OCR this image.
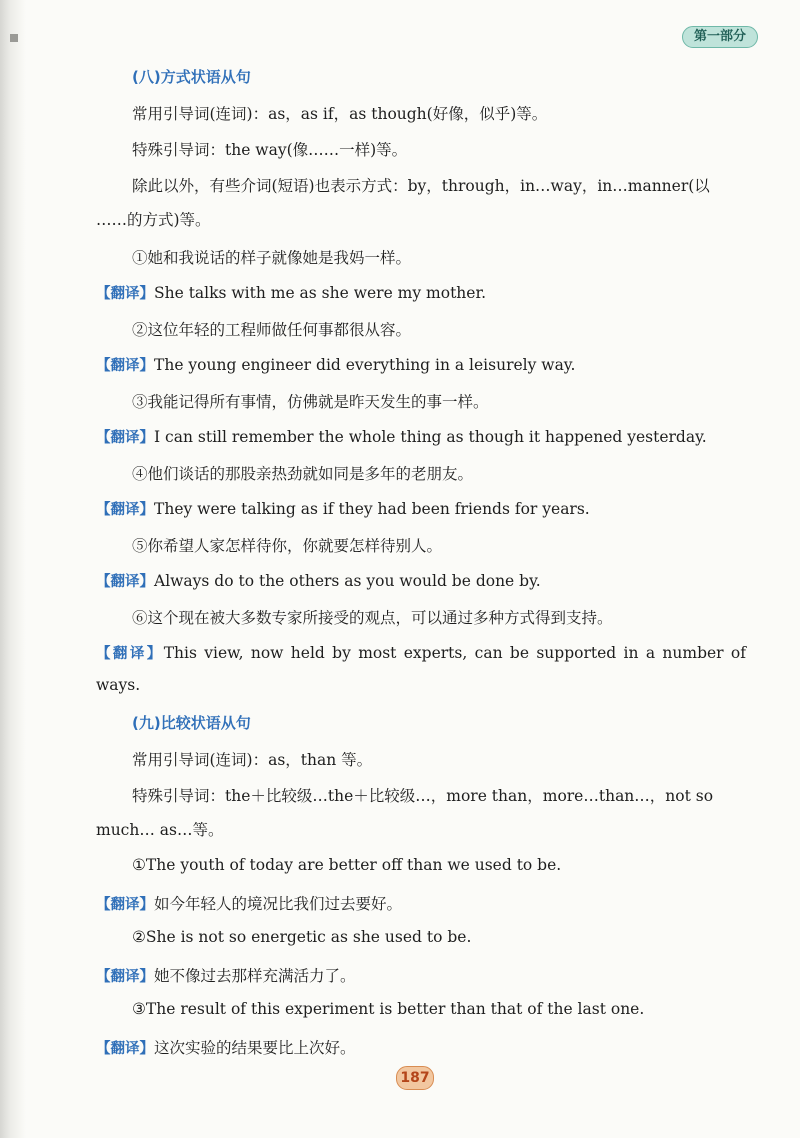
第一部分
(八)方式状语从句
常用引导词(连词)：as，as if，as though(好像，似乎)等。
特殊引导词：the way(像……一样)等。
除此以外，有些介词(短语)也表示方式：by，through，in…way，in…manner(以
……的方式)等。
①她和我说话的样子就像她是我妈一样。
【翻译】She talks with me as she were my mother.
②这位年轻的工程师做任何事都很从容。
【翻译】The young engineer did everything in a leisurely way.
③我能记得所有事情，仿佛就是昨天发生的事一样。
【翻译】I can still remember the whole thing as though it happened yesterday.
④他们谈话的那股亲热劲就如同是多年的老朋友。
【翻译】They were talking as if they had been friends for years.
⑤你希望人家怎样待你，你就要怎样待别人。
【翻译】Always do to the others as you would be done by.
⑥这个现在被大多数专家所接受的观点，可以通过多种方式得到支持。
【翻译】This view, now held by most experts, can be supported in a number of
ways.
(九)比较状语从句
常用引导词(连词)：as，than 等。
特殊引导词：the＋比较级…the＋比较级…，more than，more…than…，not so
much… as…等。
①The youth of today are better off than we used to be.
【翻译】如今年轻人的境况比我们过去要好。
②She is not so energetic as she used to be.
【翻译】她不像过去那样充满活力了。
③The result of this experiment is better than that of the last one.
【翻译】这次实验的结果要比上次好。
187
